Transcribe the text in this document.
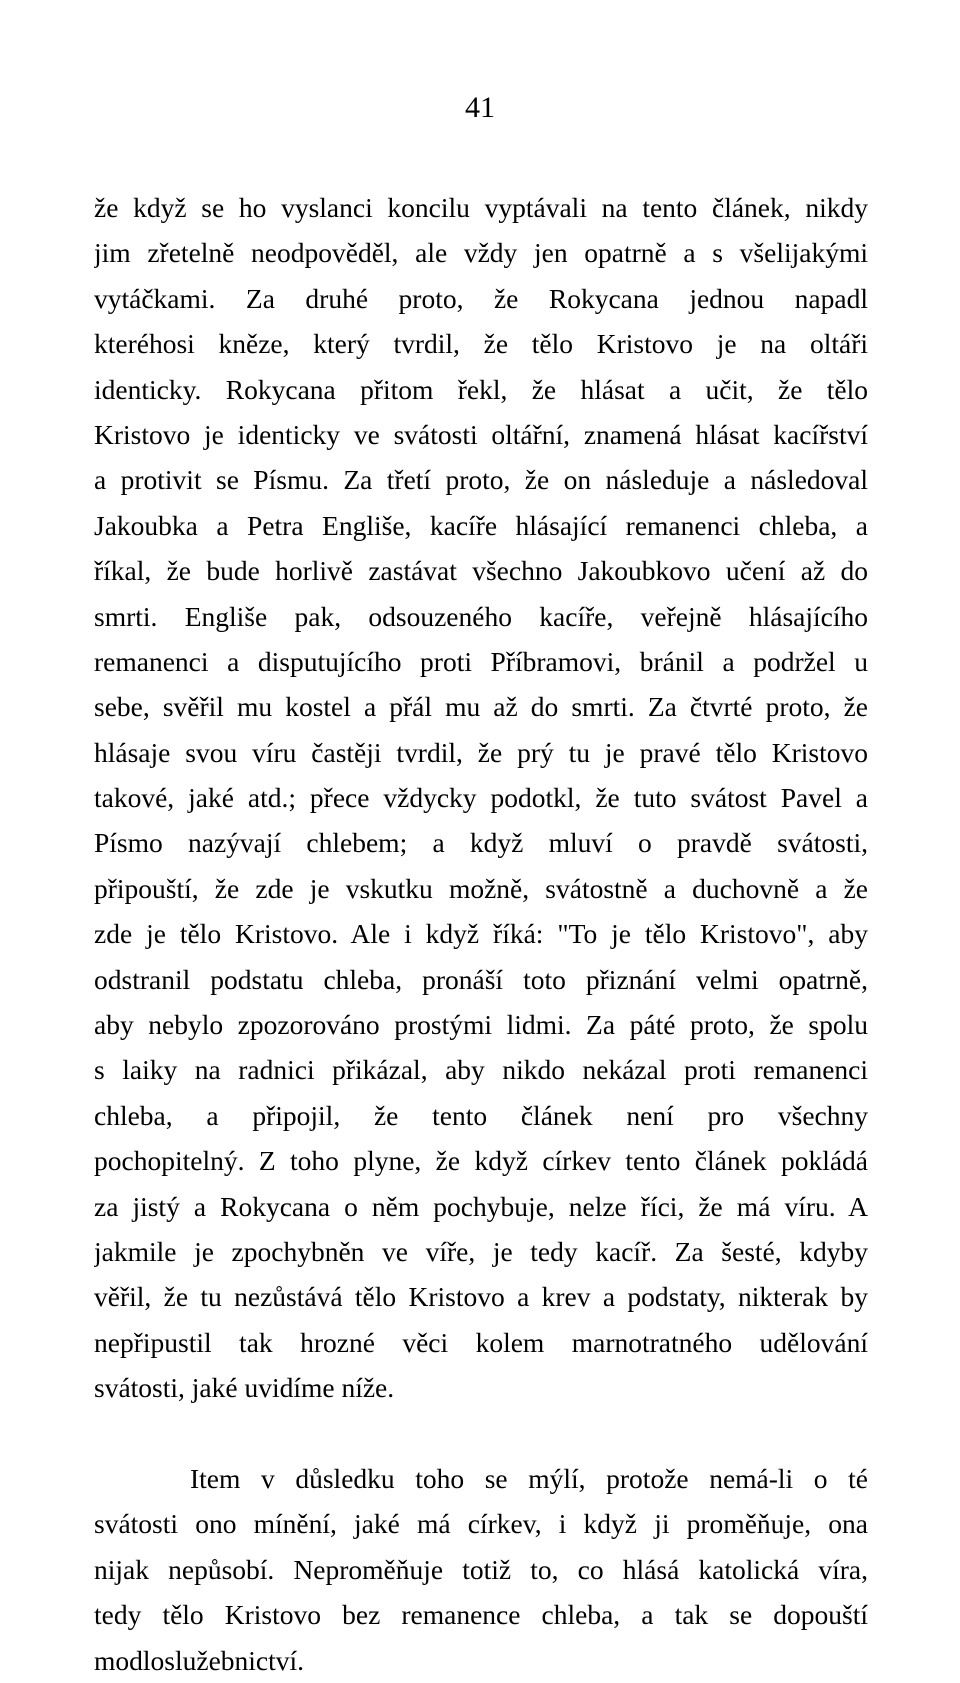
41
že když se ho vyslanci koncilu vyptávali na tento článek, nikdy
jim zřetelně neodpověděl, ale vždy jen opatrně a s všelijakými
vytáčkami. Za druhé proto, že Rokycana jednou napadl
kteréhosi kněze, který tvrdil, že tělo Kristovo je na oltáři
identicky. Rokycana přitom řekl, že hlásat a učit, že tělo
Kristovo je identicky ve svátosti oltářní, znamená hlásat kacířství
a protivit se Písmu. Za třetí proto, že on následuje a následoval
Jakoubka a Petra Engliše, kacíře hlásající remanenci chleba, a
říkal, že bude horlivě zastávat všechno Jakoubkovo učení až do
smrti. Engliše pak, odsouzeného kacíře, veřejně hlásajícího
remanenci a disputujícího proti Příbramovi, bránil a podržel u
sebe, svěřil mu kostel a přál mu až do smrti. Za čtvrté proto, že
hlásaje svou víru častěji tvrdil, že prý tu je pravé tělo Kristovo
takové, jaké atd.; přece vždycky podotkl, že tuto svátost Pavel a
Písmo nazývají chlebem; a když mluví o pravdě svátosti,
připouští, že zde je vskutku možně, svátostně a duchovně a že
zde je tělo Kristovo. Ale i když říká: "To je tělo Kristovo", aby
odstranil podstatu chleba, pronáší toto přiznání velmi opatrně,
aby nebylo zpozorováno prostými lidmi. Za páté proto, že spolu
s laiky na radnici přikázal, aby nikdo nekázal proti remanenci
chleba, a připojil, že tento článek není pro všechny
pochopitelný. Z toho plyne, že když církev tento článek pokládá
za jistý a Rokycana o něm pochybuje, nelze říci, že má víru. A
jakmile je zpochybněn ve víře, je tedy kacíř. Za šesté, kdyby
věřil, že tu nezůstává tělo Kristovo a krev a podstaty, nikterak by
nepřipustil tak hrozné věci kolem marnotratného udělování
svátosti, jaké uvidíme níže.
Item v důsledku toho se mýlí, protože nemá-li o té
svátosti ono mínění, jaké má církev, i když ji proměňuje, ona
nijak nepůsobí. Neproměňuje totiž to, co hlásá katolická víra,
tedy tělo Kristovo bez remanence chleba, a tak se dopouští
modloslužebnictví.
